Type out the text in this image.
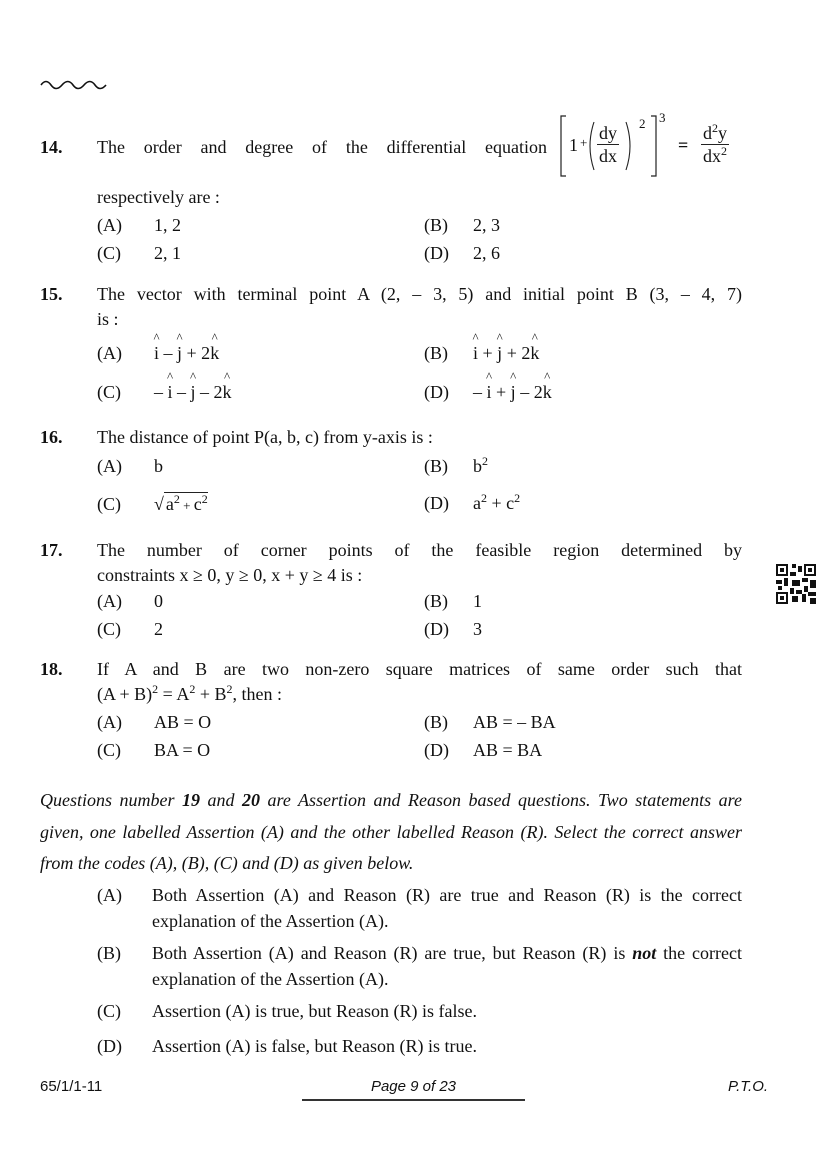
14. The order and degree of the differential equation
respectively are :
$1 + \frac{dy}{dx} 2$ 3
= $\frac{d^2y}{dx^2}$
(A) 1, 2	(B) 2, 3
(C) 2, 1	(D) 2, 6
15. The vector with terminal point A (2, – 3, 5) and initial point B (3, – 4, 7)
is :
(A) ^ i – ^ j + 2^ k	(B) ^ i + ^ j + 2^ k
(C) – ^ i – ^ j – 2^ k	(D) – ^ i + ^ j – 2^ k
16. The distance of point P(a, b, c) from y-axis is :
(A) b	(B) $b^2$
(C) √ $a^2 + c^2$	(D) $a^2 + c^2$
17. The number of corner points of the feasible region determined by
constraints x ≥ 0, y ≥ 0, x + y ≥ 4 is :
(A) 0	(B) 1
(C) 2	(D) 3
18. If A and B are two non-zero square matrices of same order such that
$(A + B)^2 = A^2 + B^2$, then :
(A) AB = O	(B) AB = – BA
(C) BA = O	(D) AB = BA
Questions number 19 and 20 are Assertion and Reason based questions. Two statements are given, one labelled Assertion (A) and the other labelled Reason (R). Select the correct answer from the codes (A), (B), (C) and (D) as given below.
(A) Both Assertion (A) and Reason (R) are true and Reason (R) is the correct explanation of the Assertion (A).
(B) Both Assertion (A) and Reason (R) are true, but Reason (R) is not the correct explanation of the Assertion (A).
(C) Assertion (A) is true, but Reason (R) is false.
(D) Assertion (A) is false, but Reason (R) is true.
65/1/1-11	Page 9 of 23	P.T.O.
